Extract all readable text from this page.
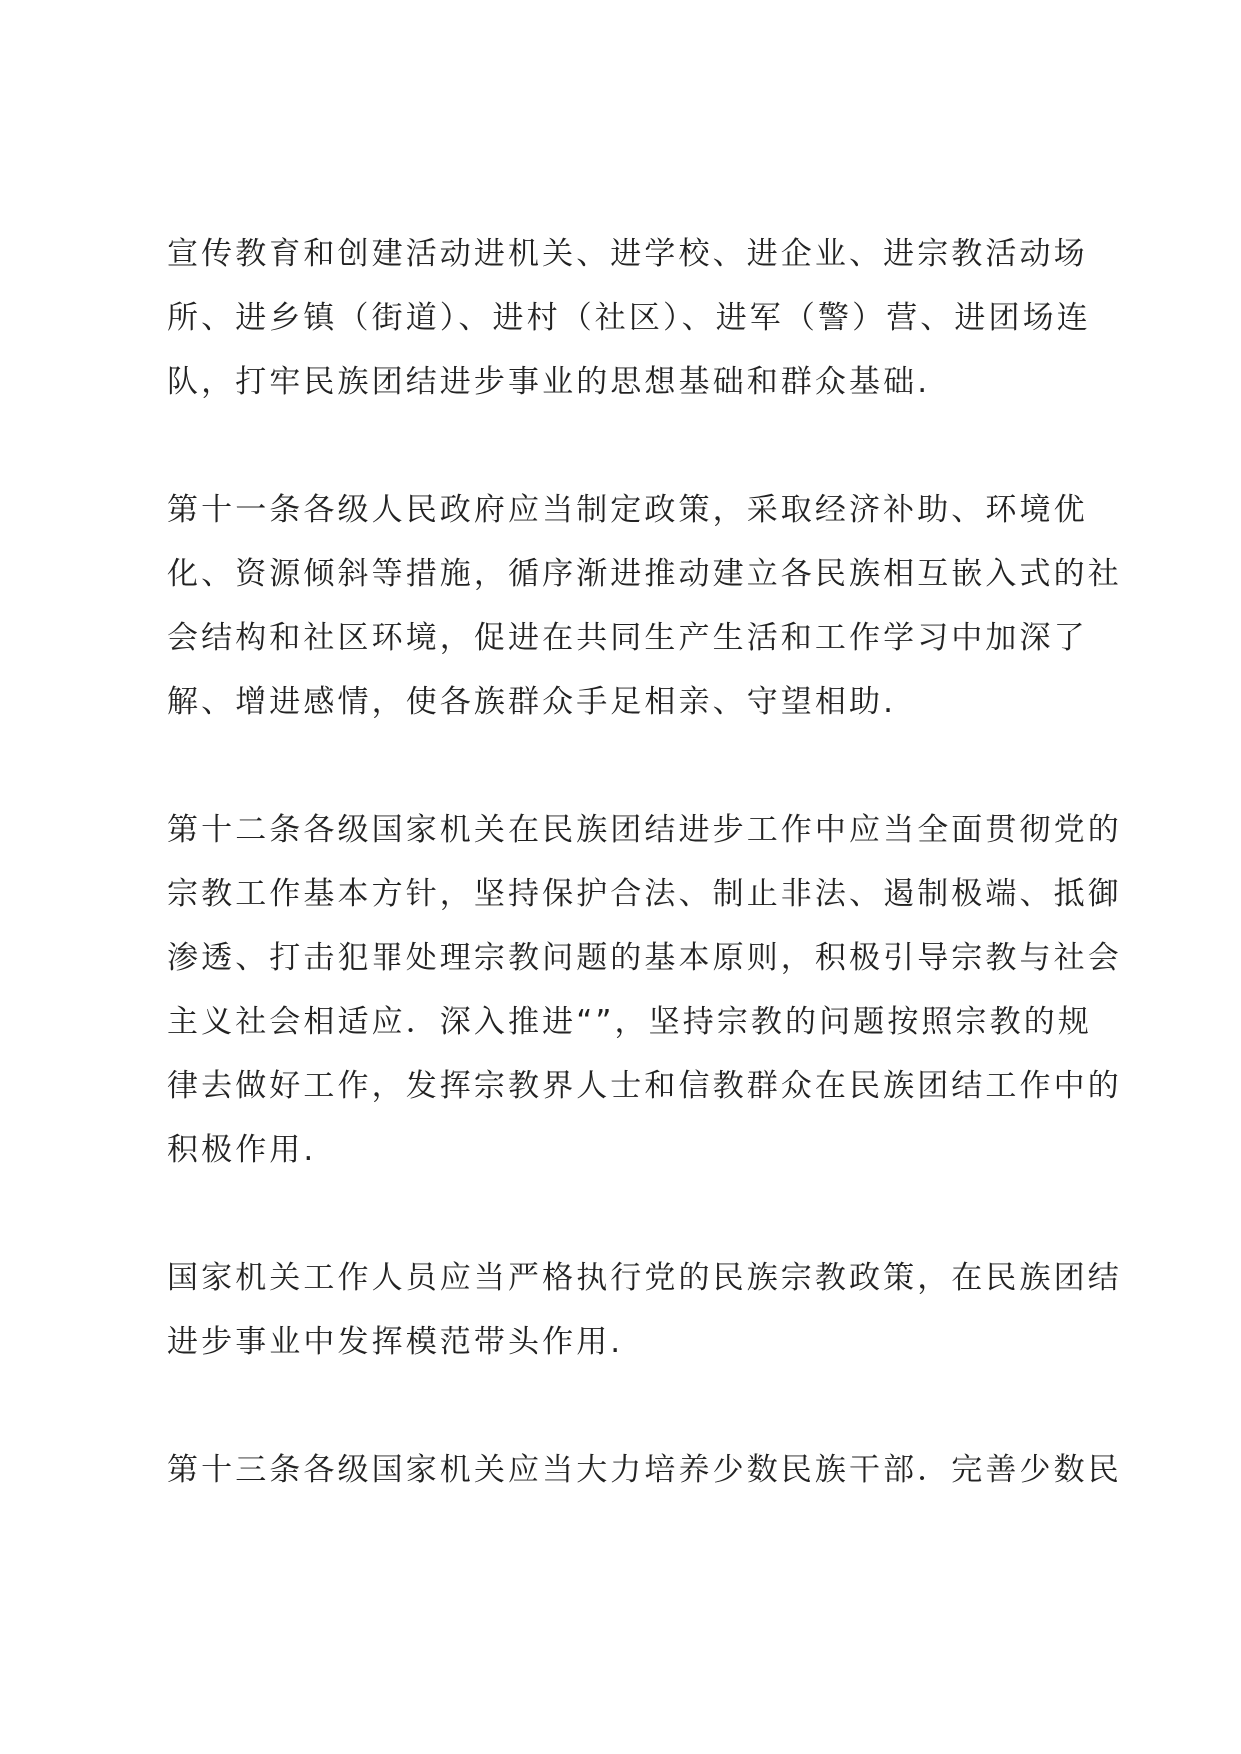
宣传教育和创建活动进机关、进学校、进企业、进宗教活动场
所、进乡镇（街道）、进村（社区）、进军（警）营、进团场连
队，打牢民族团结进步事业的思想基础和群众基础.

第十一条各级人民政府应当制定政策，采取经济补助、环境优
化、资源倾斜等措施，循序渐进推动建立各民族相互嵌入式的社
会结构和社区环境，促进在共同生产生活和工作学习中加深了
解、增进感情，使各族群众手足相亲、守望相助.

第十二条各级国家机关在民族团结进步工作中应当全面贯彻党的
宗教工作基本方针，坚持保护合法、制止非法、遏制极端、抵御
渗透、打击犯罪处理宗教问题的基本原则，积极引导宗教与社会
主义社会相适应．深入推进“”，坚持宗教的问题按照宗教的规
律去做好工作，发挥宗教界人士和信教群众在民族团结工作中的
积极作用.

国家机关工作人员应当严格执行党的民族宗教政策，在民族团结
进步事业中发挥模范带头作用.

第十三条各级国家机关应当大力培养少数民族干部．完善少数民
